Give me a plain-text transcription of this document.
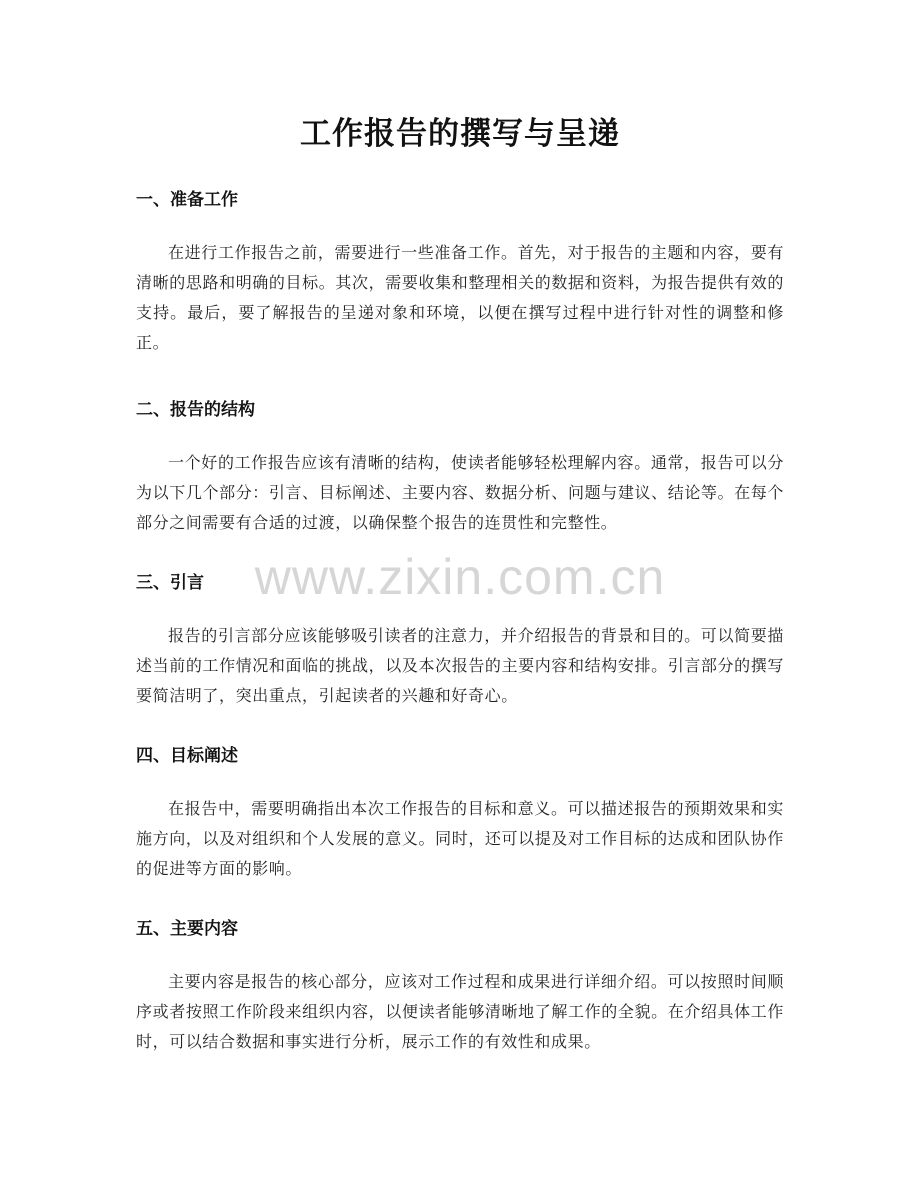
工作报告的撰写与呈递
一、准备工作

在进行工作报告之前，需要进行一些准备工作。首先，对于报告的主题和内容，要有清晰的思路和明确的目标。其次，需要收集和整理相关的数据和资料，为报告提供有效的支持。最后，要了解报告的呈递对象和环境，以便在撰写过程中进行针对性的调整和修正。

二、报告的结构

一个好的工作报告应该有清晰的结构，使读者能够轻松理解内容。通常，报告可以分为以下几个部分：引言、目标阐述、主要内容、数据分析、问题与建议、结论等。在每个部分之间需要有合适的过渡，以确保整个报告的连贯性和完整性。

三、引言

报告的引言部分应该能够吸引读者的注意力，并介绍报告的背景和目的。可以简要描述当前的工作情况和面临的挑战，以及本次报告的主要内容和结构安排。引言部分的撰写要简洁明了，突出重点，引起读者的兴趣和好奇心。

四、目标阐述

在报告中，需要明确指出本次工作报告的目标和意义。可以描述报告的预期效果和实施方向，以及对组织和个人发展的意义。同时，还可以提及对工作目标的达成和团队协作的促进等方面的影响。

五、主要内容

主要内容是报告的核心部分，应该对工作过程和成果进行详细介绍。可以按照时间顺序或者按照工作阶段来组织内容，以便读者能够清晰地了解工作的全貌。在介绍具体工作时，可以结合数据和事实进行分析，展示工作的有效性和成果。

www.zixin.com.cn
